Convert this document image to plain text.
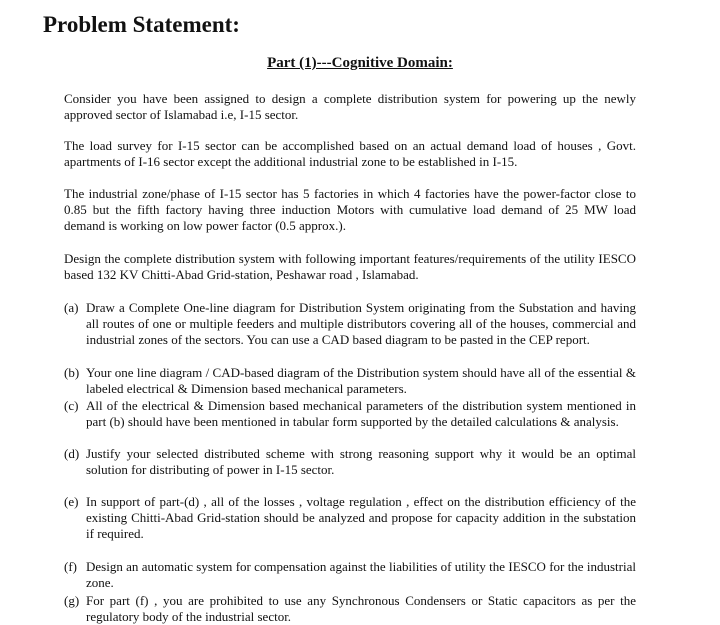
Problem Statement:
Part (1)---Cognitive Domain:

Consider you have been assigned to design a complete distribution system for powering up the newly approved sector of Islamabad i.e, I-15 sector.

The load survey for I-15 sector can be accomplished based on an actual demand load of houses , Govt. apartments of I-16 sector except the additional industrial zone to be established in I-15.

The industrial zone/phase of I-15 sector has 5 factories in which 4 factories have the power-factor close to 0.85 but the fifth factory having three induction Motors with cumulative load demand of 25 MW load demand is working on low power factor (0.5 approx.).

Design the complete distribution system with following important features/requirements of the utility IESCO based 132 KV Chitti-Abad Grid-station, Peshawar road , Islamabad.

(a) Draw a Complete One-line diagram for Distribution System originating from the Substation and having all routes of one or multiple feeders and multiple distributors covering all of the houses, commercial and industrial zones of the sectors. You can use a CAD based diagram to be pasted in the CEP report.
(b) Your one line diagram / CAD-based diagram of the Distribution system should have all of the essential & labeled electrical & Dimension based mechanical parameters.
(c) All of the electrical & Dimension based mechanical parameters of the distribution system mentioned in part (b) should have been mentioned in tabular form supported by the detailed calculations & analysis.
(d) Justify your selected distributed scheme with strong reasoning support why it would be an optimal solution for distributing of power in I-15 sector.
(e) In support of part-(d) , all of the losses , voltage regulation , effect on the distribution efficiency of the existing Chitti-Abad Grid-station should be analyzed and propose for capacity addition in the substation if required.
(f) Design an automatic system for compensation against the liabilities of utility the IESCO for the industrial zone.
(g) For part (f) , you are prohibited to use any Synchronous Condensers or Static capacitors as per the regulatory body of the industrial sector.
